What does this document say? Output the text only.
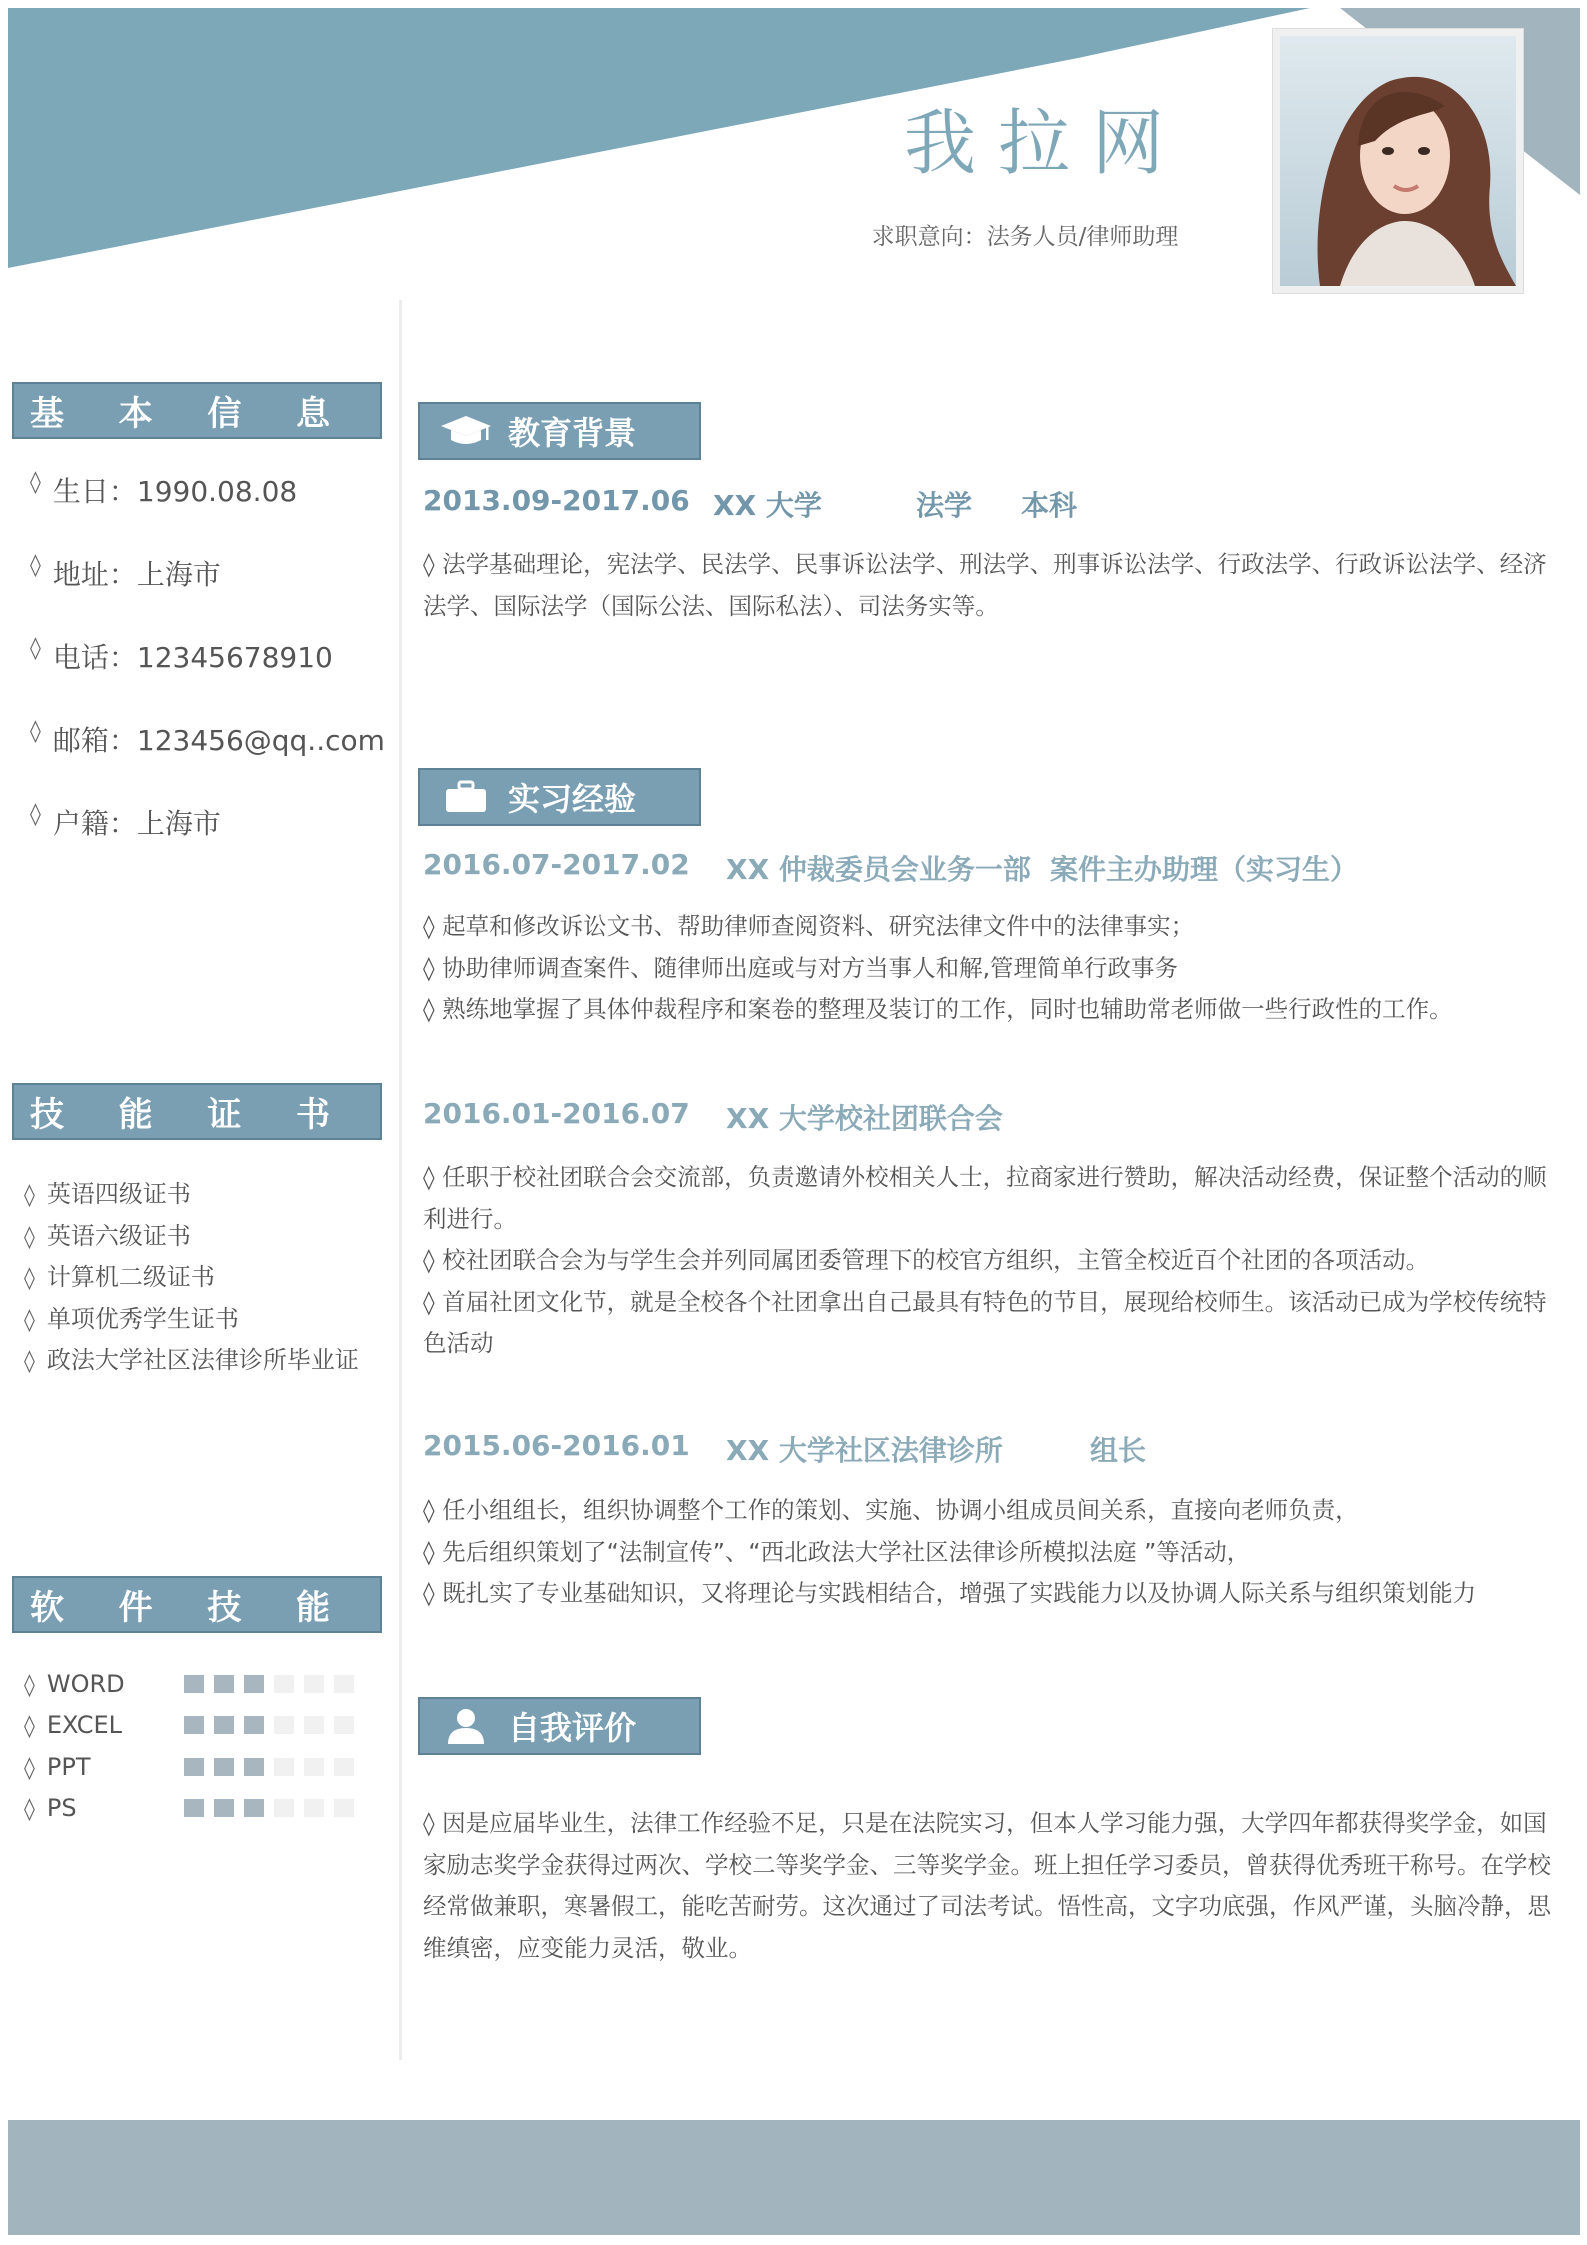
我拉网
求职意向：法务人员/律师助理
基 本 信 息
◊ 生日：1990.08.08
◊ 地址：上海市
◊ 电话：12345678910
◊ 邮箱：123456@qq..com
◊ 户籍：上海市
技 能 证 书
◊ 英语四级证书
◊ 英语六级证书
◊ 计算机二级证书
◊ 单项优秀学生证书
◊ 政法大学社区法律诊所毕业证
软 件 技 能
◊ WORD
◊ EXCEL
◊ PPT
◊ PS
教育背景
2013.09-2017.06 XX 大学	法学 本科

◊ 法学基础理论，宪法学、民法学、民事诉讼法学、刑法学、刑事诉讼法学、行政法学、行政诉讼法学、经济法学、国际法学（国际公法、国际私法）、司法务实等。

实习经验
2016.07-2017.02 XX 仲裁委员会业务一部 案件主办助理（实习生）
◊ 起草和修改诉讼文书、帮助律师查阅资料、研究法律文件中的法律事实；
◊ 协助律师调查案件、随律师出庭或与对方当事人和解,管理简单行政事务
◊ 熟练地掌握了具体仲裁程序和案卷的整理及装订的工作，同时也辅助常老师做一些行政性的工作。
2016.01-2016.07 XX 大学校社团联合会
◊ 任职于校社团联合会交流部，负责邀请外校相关人士，拉商家进行赞助，解决活动经费，保证整个活动的顺利进行。
◊ 校社团联合会为与学生会并列同属团委管理下的校官方组织，主管全校近百个社团的各项活动。
◊ 首届社团文化节，就是全校各个社团拿出自己最具有特色的节目，展现给校师生。该活动已成为学校传统特色活动
2015.06-2016.01 XX 大学社区法律诊所	组长
◊ 任小组组长，组织协调整个工作的策划、实施、协调小组成员间关系，直接向老师负责，
◊ 先后组织策划了“法制宣传”、“西北政法大学社区法律诊所模拟法庭 ”等活动，
◊ 既扎实了专业基础知识，又将理论与实践相结合，增强了实践能力以及协调人际关系与组织策划能力
自我评价

◊ 因是应届毕业生，法律工作经验不足，只是在法院实习，但本人学习能力强，大学四年都获得奖学金，如国家励志奖学金获得过两次、学校二等奖学金、三等奖学金。班上担任学习委员，曾获得优秀班干称号。在学校经常做兼职，寒暑假工，能吃苦耐劳。这次通过了司法考试。悟性高，文字功底强，作风严谨，头脑冷静，思维缜密，应变能力灵活，敬业。
